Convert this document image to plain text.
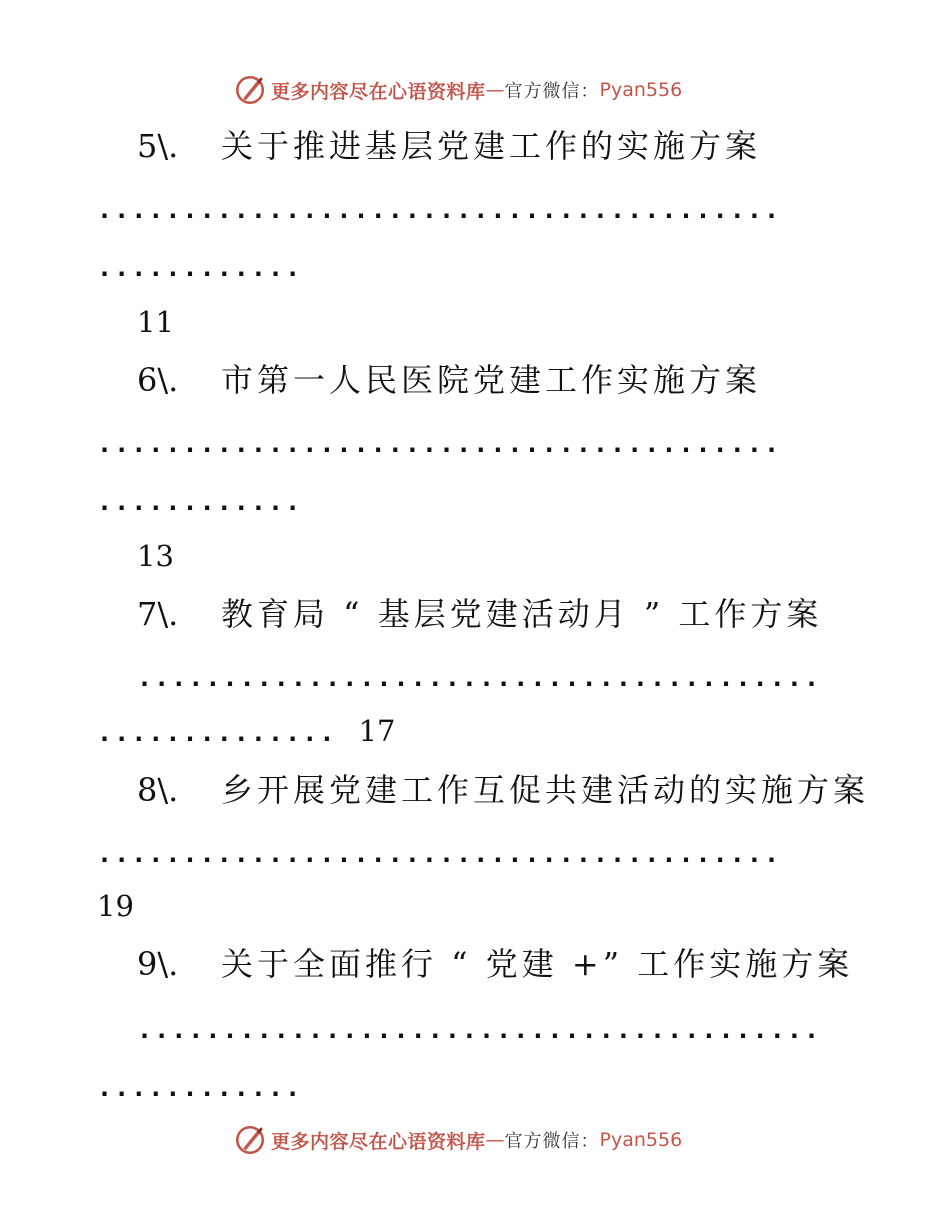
更多内容尽在心语资料库 — 官方微信： Pyan556
5\. 关于推进基层党建工作的实施方案
........................................
............
11
6\. 市第一人民医院党建工作实施方案
........................................
............
13
7\. 教育局 “ 基层党建活动月 ” 工作方案
........................................
.............. 17
8\. 乡开展党建工作互促共建活动的实施方案
........................................
19
9\. 关于全面推行 “ 党建 +” 工作实施方案
........................................
............
更多内容尽在心语资料库 — 官方微信： Pyan556
